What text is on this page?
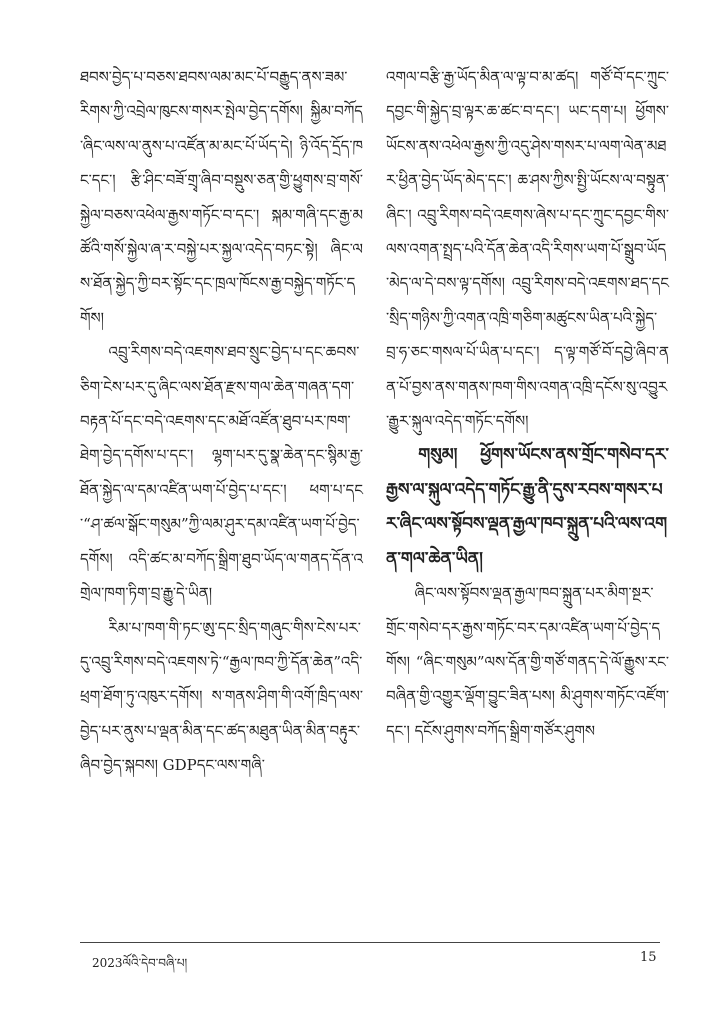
ཐབས་བྱེད་པ་བཅས་ཐབས་ལམ་མང་པོ་བརྒྱུད་ནས་ཟམ་རིགས་ཀྱི་འབྲེལ་ཁུངས་གསར་སྤེལ་བྱེད་དགོས། སྐྱིམ་བཀོད་ཞིང་ལས་ལ་ནུས་པ་འཛོན་མ་མང་པོ་ཡོད་དེ། ཉི་འོད་དྲོད་ཁང་དང་། རྩི་ཤིང་བཟོ་གྲྭ་ཞིབ་བསྡུས་ཅན་གྱི་ཕྱུགས་བྲ་གསོ་སྐྱེལ་བཅས་འཕེལ་རྒྱས་གཏོང་བ་དང་། སྐམ་གཞི་དང་རྒྱ་མཚོའི་གསོ་སྐྱེལ་ཞ་ར་བསྐྱེ་པར་སྐྱལ་འདེད་བཏང་སྟེ། ཞིང་ལས་ཐོན་སྐྱེད་ཀྱི་བར་སྟོང་དང་ཁྲལ་ཁོངས་རྒྱ་བསྐྱེད་གཏོང་དགོས།

འབྲུ་རིགས་བདེ་འཇགས་ཐབ་སྲུང་བྱེད་པ་དང་ཆབས་ཅིག་ངེས་པར་དུ་ཞིང་ལས་ཐོན་རྫས་གལ་ཆེན་གཞན་དག་བརྟན་པོ་དང་བདེ་འཇགས་དང་མཐོ་འཛོན་ཐུབ་པར་ཁག་ཐེག་བྱེད་དགོས་པ་དང་། ལྷག་པར་དུ་སྣ་ཆེན་དང་སྙིམ་རྒྱ་ཐོན་སྐྱེད་ལ་དམ་འཛིན་ཡག་པོ་བྱེད་པ་དང་། ཕག་པ་དང་“ཤ་ཚལ་སྒོང་གསུམ”ཀྱི་ལམ་ཤུར་དམ་འཛིན་ཡག་པོ་བྱེད་དགོས། འདི་ཚང་མ་བཀོད་སྒྲིག་ཐུབ་ཡོད་ལ་གནད་དོན་འགྲེལ་ཁག་ཏིག་བྲ་རྒྱུ་དེ་ཡིན།

རིམ་པ་ཁག་གི་ཏང་ཨུ་དང་སྲིད་གཞུང་གིས་ངེས་པར་དུ་འབྲུ་རིགས་བདེ་འཇགས་ཏེ་“རྒྱལ་ཁབ་ཀྱི་དོན་ཆེན”འདི་ཕྲག་ཐོག་ཏུ་འཁུར་དགོས། ས་གནས་ཤིག་གི་འགོ་ཁྲིད་ལས་བྱེད་པར་ནུས་པ་ལྡན་མིན་དང་ཚད་མཐུན་ཡིན་མིན་བརྟུར་ཞིབ་བྱེད་སྐབས། GDPདང་ལས་གཞི་

འགལ་བརྩི་རྒྱ་ཡོད་མིན་ལ་ལྟ་བ་མ་ཚད། གཙོ་བོ་དང་ཀྲུང་དབྱང་གི་སྐྱེད་བྲ་ལྟར་ཆ་ཚང་བ་དང་། ཡང་དག་པ། ཕྱོགས་ཡོངས་ནས་འཕེལ་རྒྱས་ཀྱི་འདུ་ཤེས་གསར་པ་ལག་ལེན་མཐར་ཕྱིན་བྱེད་ཡོད་མེད་དང་། ཆ་ཤས་ཀྱིས་སྤྱི་ཡོངས་ལ་བསྟུན་ཞིང་། འབྲུ་རིགས་བདེ་འཇགས་ཞེས་པ་དང་ཀྲུང་དབྱང་གིས་ལས་འགན་སྤྲད་པའི་དོན་ཆེན་འདི་རིགས་ཡག་པོ་སྒྲུབ་ཡོད་མེད་ལ་དེ་བས་ལྟ་དགོས། འབྲུ་རིགས་བདེ་འཇགས་ཐད་དང་སྲིད་གཉིས་ཀྱི་འགན་འཁྲི་གཅིག་མཚུངས་ཡིན་པའི་སྐྱེད་བྲ་ཧ་ཅང་གསལ་པོ་ཡིན་པ་དང་། ད་ལྟ་གཙོ་བོ་དབྱེ་ཞིབ་ནན་པོ་བྱས་ནས་གནས་ཁག་གིས་འགན་འཁྲི་དངོས་སུ་འབྱུར་རྒྱུར་སྐུལ་འདེད་གཏོང་དགོས།

གསུམ། ཕྱོགས་ཡོངས་ནས་གྲོང་གསེབ་དར་རྒྱས་ལ་སྐུལ་འདེད་གཏོང་རྒྱུ་ནི་དུས་རབས་གསར་པར་ཞིང་ལས་སྟོབས་ལྡན་རྒྱལ་ཁབ་སྐྲུན་པའི་ལས་འགན་གལ་ཆེན་ཡིན།

ཞིང་ལས་སྟོབས་ལྡན་རྒྱལ་ཁབ་སྐྲུན་པར་མིག་སྔར་གྲོང་གསེབ་དར་རྒྱས་གཏོང་བར་དམ་འཛིན་ཡག་པོ་བྱེད་དགོས། “ཞིང་གསུམ”ལས་དོན་གྱི་གཙོ་གནད་དེ་ལོ་རྒྱུས་རང་བཞིན་གྱི་འགྱུར་ལྡོག་བྱུང་ཟིན་པས། མི་ཤུགས་གཏོང་འཛོག་དང་། དངོས་ཤུགས་བཀོད་སྒྲིག་གཙོར་ཤུགས

2023ལོའི་དེབ་བཞི་པ།	15
